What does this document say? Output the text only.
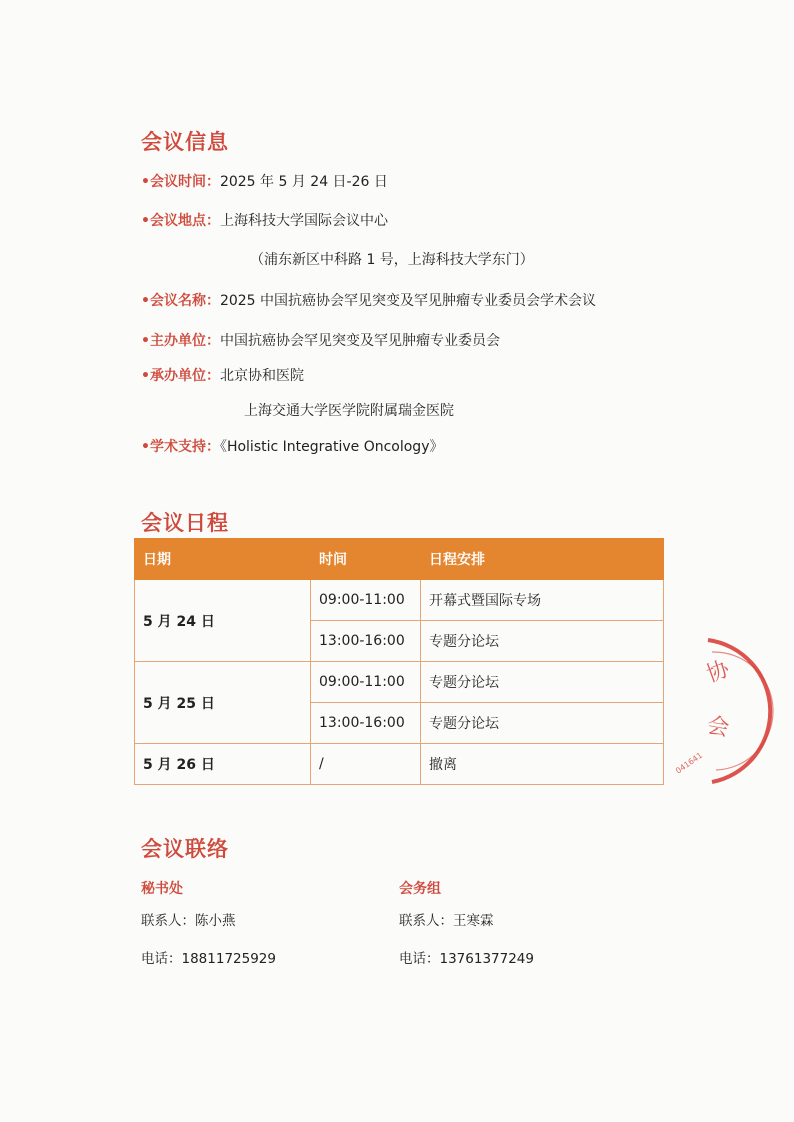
会议信息
•会议时间：2025 年 5 月 24 日-26 日
•会议地点：上海科技大学国际会议中心
（浦东新区中科路 1 号，上海科技大学东门）
•会议名称：2025 中国抗癌协会罕见突变及罕见肿瘤专业委员会学术会议
•主办单位：中国抗癌协会罕见突变及罕见肿瘤专业委员会
•承办单位：北京协和医院
上海交通大学医学院附属瑞金医院
•学术支持：《Holistic Integrative Oncology》
会议日程
日期	时间	日程安排
5 月 24 日	09:00-11:00	开幕式暨国际专场
	13:00-16:00	专题分论坛
5 月 25 日	09:00-11:00	专题分论坛
	13:00-16:00	专题分论坛
5 月 26 日	/	撤离
协
会
041641
会议联络
秘书处
联系人：陈小燕
电话：18811725929
会务组
联系人：王寒霖
电话：13761377249
